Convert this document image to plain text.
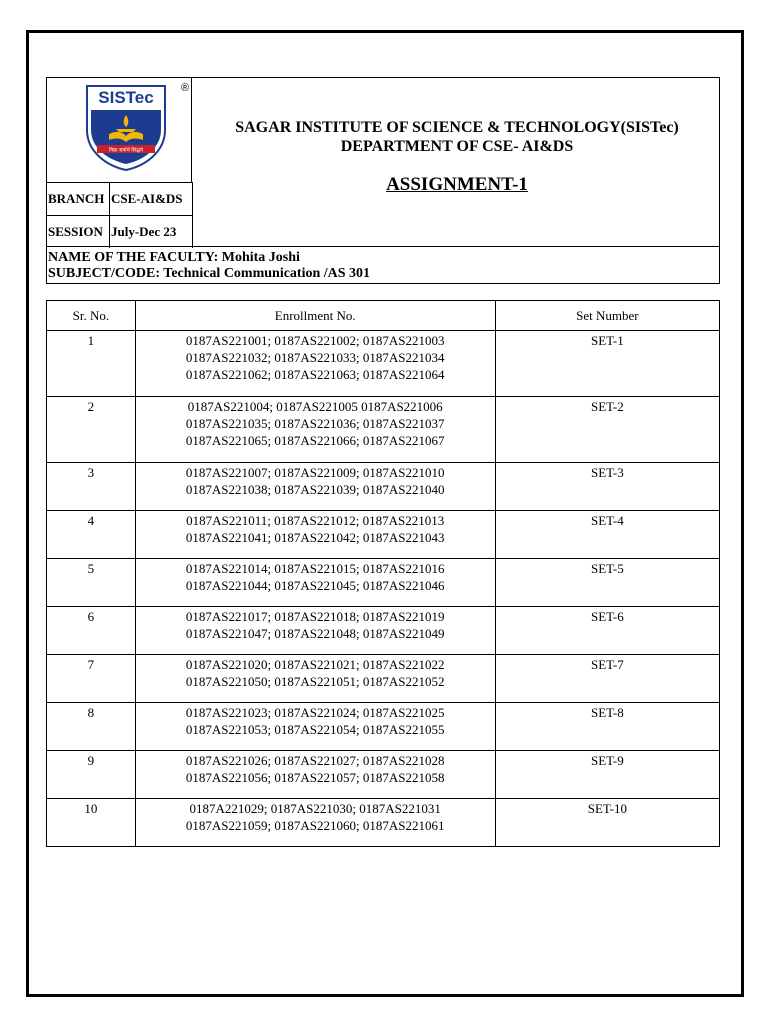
SISTec
विद्या सर्वार्थ सिद्धये
®
BRANCH	CSE-AI&DS
SESSION	July-Dec 23
SAGAR INSTITUTE OF SCIENCE & TECHNOLOGY(SISTec)
DEPARTMENT OF CSE- AI&DS
ASSIGNMENT-1
NAME OF THE FACULTY: Mohita Joshi
SUBJECT/CODE: Technical Communication /AS 301
Sr. No.	Enrollment No.	Set Number
1	0187AS221001; 0187AS221002; 0187AS221003
0187AS221032; 0187AS221033; 0187AS221034
0187AS221062; 0187AS221063; 0187AS221064	SET-1
2	0187AS221004; 0187AS221005 0187AS221006
0187AS221035; 0187AS221036; 0187AS221037
0187AS221065; 0187AS221066; 0187AS221067	SET-2
3	0187AS221007; 0187AS221009; 0187AS221010
0187AS221038; 0187AS221039; 0187AS221040	SET-3
4	0187AS221011; 0187AS221012; 0187AS221013
0187AS221041; 0187AS221042; 0187AS221043	SET-4
5	0187AS221014; 0187AS221015; 0187AS221016
0187AS221044; 0187AS221045; 0187AS221046	SET-5
6	0187AS221017; 0187AS221018; 0187AS221019
0187AS221047; 0187AS221048; 0187AS221049	SET-6
7	0187AS221020; 0187AS221021; 0187AS221022
0187AS221050; 0187AS221051; 0187AS221052	SET-7
8	0187AS221023; 0187AS221024; 0187AS221025
0187AS221053; 0187AS221054; 0187AS221055	SET-8
9	0187AS221026; 0187AS221027; 0187AS221028
0187AS221056; 0187AS221057; 0187AS221058	SET-9
10	0187A221029; 0187AS221030; 0187AS221031
0187AS221059; 0187AS221060; 0187AS221061	SET-10
